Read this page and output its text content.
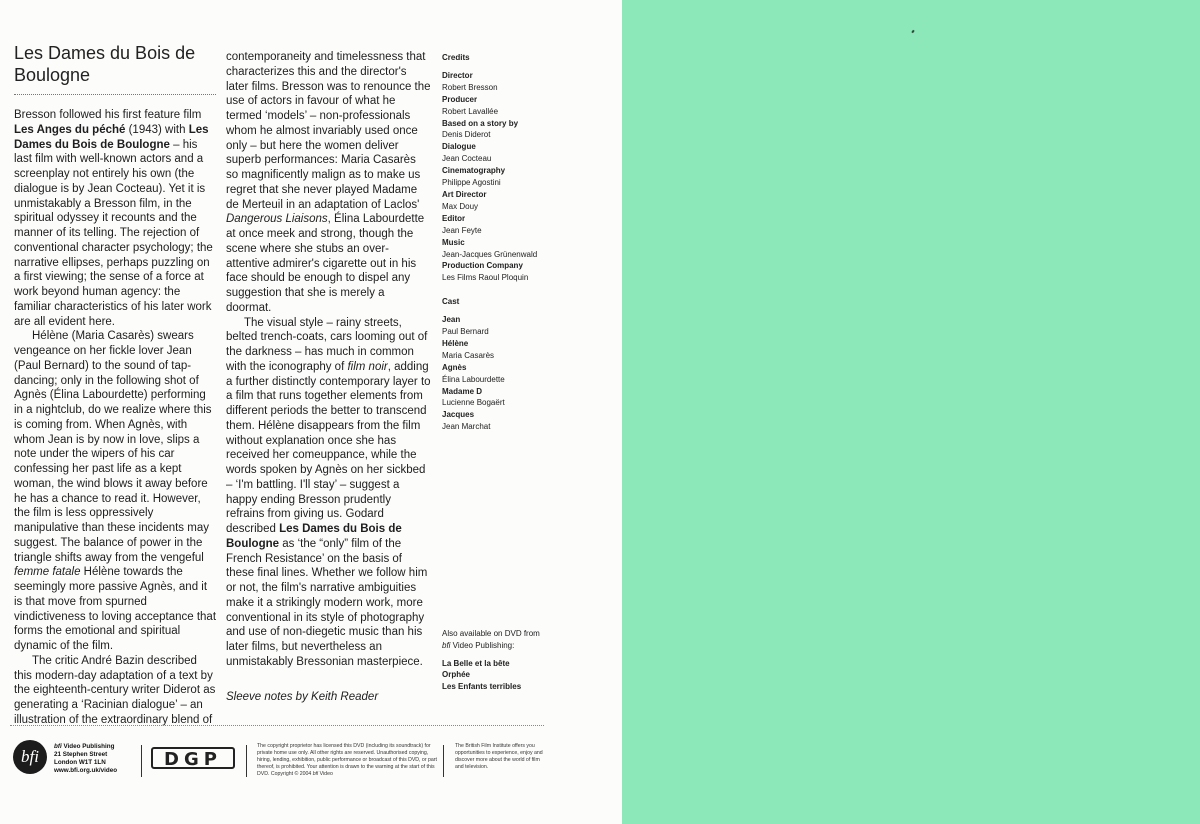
Les Dames du Bois de Boulogne

Bresson followed his first feature film Les Anges du péché (1943) with Les Dames du Bois de Boulogne – his last film with well-known actors and a screenplay not entirely his own (the dialogue is by Jean Cocteau). Yet it is unmistakably a Bresson film, in the spiritual odyssey it recounts and the manner of its telling. The rejection of conventional character psychology; the narrative ellipses, perhaps puzzling on a first viewing; the sense of a force at work beyond human agency: the familiar characteristics of his later work are all evident here.

Hélène (Maria Casarès) swears vengeance on her fickle lover Jean (Paul Bernard) to the sound of tap-dancing; only in the following shot of Agnès (Élina Labourdette) performing in a nightclub, do we realize where this is coming from. When Agnès, with whom Jean is by now in love, slips a note under the wipers of his car confessing her past life as a kept woman, the wind blows it away before he has a chance to read it. However, the film is less oppressively manipulative than these incidents may suggest. The balance of power in the triangle shifts away from the vengeful femme fatale Hélène towards the seemingly more passive Agnès, and it is that move from spurned vindictiveness to loving acceptance that forms the emotional and spiritual dynamic of the film.

The critic André Bazin described this modern-day adaptation of a text by the eighteenth-century writer Diderot as generating a ‘Racinian dialogue’ – an illustration of the extraordinary blend of

contemporaneity and timelessness that characterizes this and the director's later films. Bresson was to renounce the use of actors in favour of what he termed ‘models’ – non-professionals whom he almost invariably used once only – but here the women deliver superb performances: Maria Casarès so magnificently malign as to make us regret that she never played Madame de Merteuil in an adaptation of Laclos' Dangerous Liaisons, Élina Labourdette at once meek and strong, though the scene where she stubs an over-attentive admirer's cigarette out in his face should be enough to dispel any suggestion that she is merely a doormat.

The visual style – rainy streets, belted trench-coats, cars looming out of the darkness – has much in common with the iconography of film noir, adding a further distinctly contemporary layer to a film that runs together elements from different periods the better to transcend them. Hélène disappears from the film without explanation once she has received her comeuppance, while the words spoken by Agnès on her sickbed – ‘I'm battling. I'll stay’ – suggest a happy ending Bresson prudently refrains from giving us. Godard described Les Dames du Bois de Boulogne as ‘the “only” film of the French Resistance’ on the basis of these final lines. Whether we follow him or not, the film's narrative ambiguities make it a strikingly modern work, more conventional in its style of photography and use of non-diegetic music than his later films, but nevertheless an unmistakably Bressonian masterpiece.

Sleeve notes by Keith Reader

Credits
Director
Robert Bresson
Producer
Robert Lavallée
Based on a story by
Denis Diderot
Dialogue
Jean Cocteau
Cinematography
Philippe Agostini
Art Director
Max Douy
Editor
Jean Feyte
Music
Jean-Jacques Grünenwald
Production Company
Les Films Raoul Ploquin
Cast
Jean
Paul Bernard
Hélène
Maria Casarès
Agnès
Élina Labourdette
Madame D
Lucienne Bogaërt
Jacques
Jean Marchat
Also available on DVD from
bfi Video Publishing:
La Belle et la bête
Orphée
Les Enfants terribles
bfi
bfi Video Publishing
21 Stephen Street
London W1T 1LN
www.bfi.org.uk/video
DGP
The copyright proprietor has licensed this DVD (including its soundtrack) for private home use only. All other rights are reserved. Unauthorised copying, hiring, lending, exhibition, public performance or broadcast of this DVD, or part thereof, is prohibited. Your attention is drawn to the warning at the start of this DVD. Copyright © 2004 bfi Video
The British Film Institute offers you opportunities to experience, enjoy and discover more about the world of film and television.
